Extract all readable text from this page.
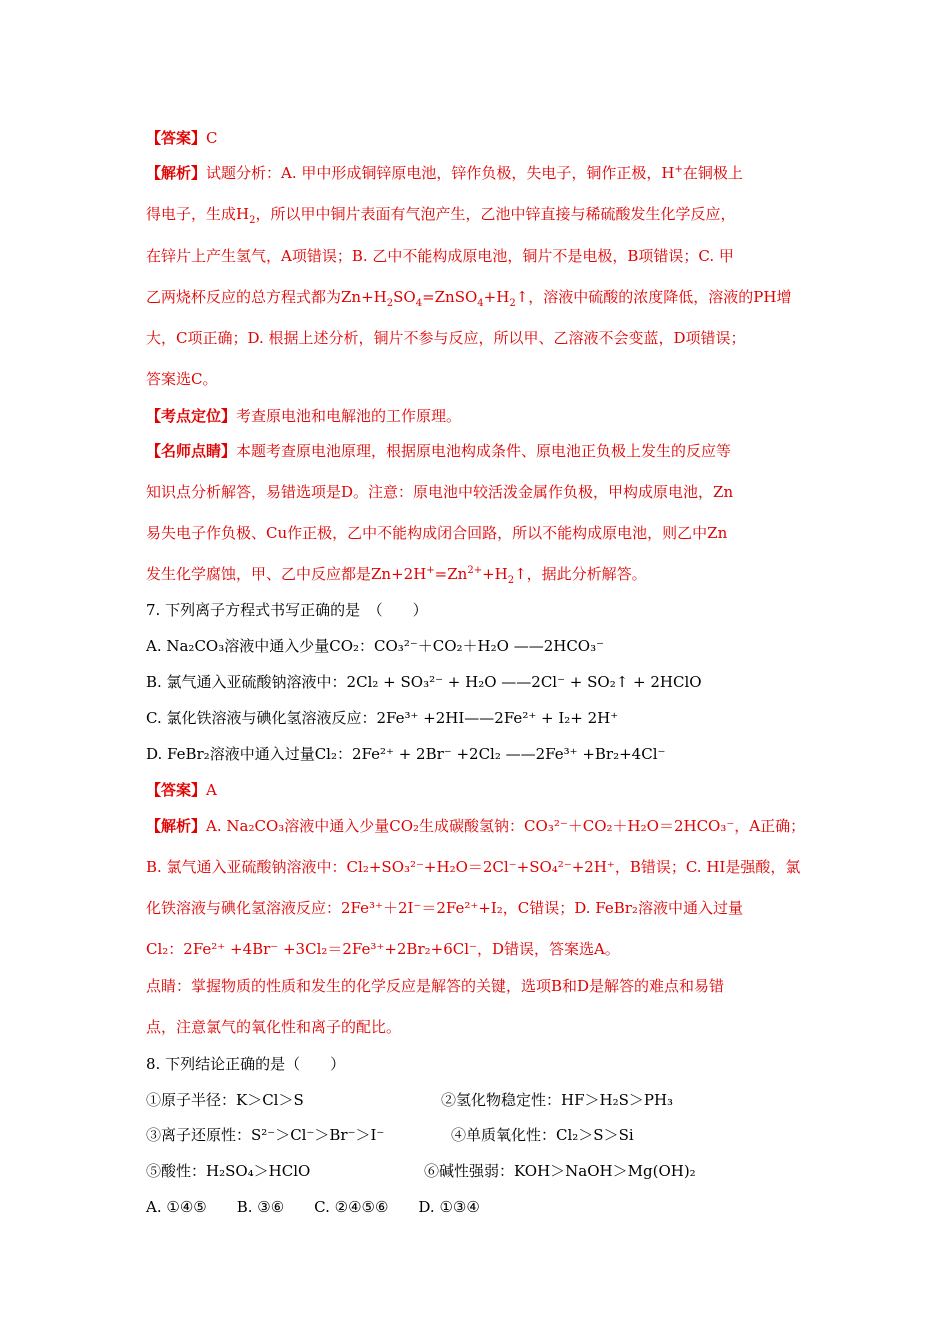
【答案】C
【解析】试题分析：A. 甲中形成铜锌原电池，锌作负极，失电子，铜作正极，H+在铜极上
得电子，生成$H_2$，所以甲中铜片表面有气泡产生，乙池中锌直接与稀硫酸发生化学反应，
在锌片上产生氢气，A项错误；B. 乙中不能构成原电池，铜片不是电极，B项错误；C. 甲
乙两烧杯反应的总方程式都为$Zn+H_2SO_4=ZnSO_4+H_2↑$，溶液中硫酸的浓度降低，溶液的PH增
大，C项正确；D. 根据上述分析，铜片不参与反应，所以甲、乙溶液不会变蓝，D项错误；
答案选C。
【考点定位】考查原电池和电解池的工作原理。
【名师点睛】本题考查原电池原理，根据原电池构成条件、原电池正负极上发生的反应等
知识点分析解答，易错选项是D。注意：原电池中较活泼金属作负极，甲构成原电池，Zn
易失电子作负极、Cu作正极，乙中不能构成闭合回路，所以不能构成原电池，则乙中Zn
发生化学腐蚀，甲、乙中反应都是$Zn+2H^+=Zn^{2+}+H_2↑$，据此分析解答。
7. 下列离子方程式书写正确的是　（　　）
A. Na₂CO₃溶液中通入少量CO₂：CO₃²⁻＋CO₂＋H₂O ——2HCO₃⁻
B. 氯气通入亚硫酸钠溶液中：2Cl₂ + SO₃²⁻ + H₂O ——2Cl⁻ + SO₂↑ + 2HClO
C. 氯化铁溶液与碘化氢溶液反应：2Fe³⁺ +2HI——2Fe²⁺ + I₂+ 2H⁺
D. FeBr₂溶液中通入过量Cl₂：2Fe²⁺ + 2Br⁻ +2Cl₂ ——2Fe³⁺ +Br₂+4Cl⁻
【答案】A
【解析】A. Na₂CO₃溶液中通入少量CO₂生成碳酸氢钠：CO₃²⁻＋CO₂＋H₂O＝2HCO₃⁻，A正确；
B. 氯气通入亚硫酸钠溶液中：Cl₂+SO₃²⁻+H₂O＝2Cl⁻+SO₄²⁻+2H⁺，B错误；C. HI是强酸，氯
化铁溶液与碘化氢溶液反应：2Fe³⁺＋2I⁻＝2Fe²⁺+I₂，C错误；D. FeBr₂溶液中通入过量
Cl₂：2Fe²⁺ +4Br⁻ +3Cl₂＝2Fe³⁺+2Br₂+6Cl⁻，D错误，答案选A。
点睛：掌握物质的性质和发生的化学反应是解答的关键，选项B和D是解答的难点和易错
点，注意氯气的氧化性和离子的配比。
8. 下列结论正确的是（　　）
①原子半径：K＞Cl＞S	②氢化物稳定性：HF＞H₂S＞PH₃
③离子还原性：S²⁻＞Cl⁻＞Br⁻＞I⁻	④单质氧化性：Cl₂＞S＞Si
⑤酸性：H₂SO₄＞HClO	⑥碱性强弱：KOH＞NaOH＞Mg(OH)₂
A. ①④⑤　　B. ③⑥　　C. ②④⑤⑥　　D. ①③④
